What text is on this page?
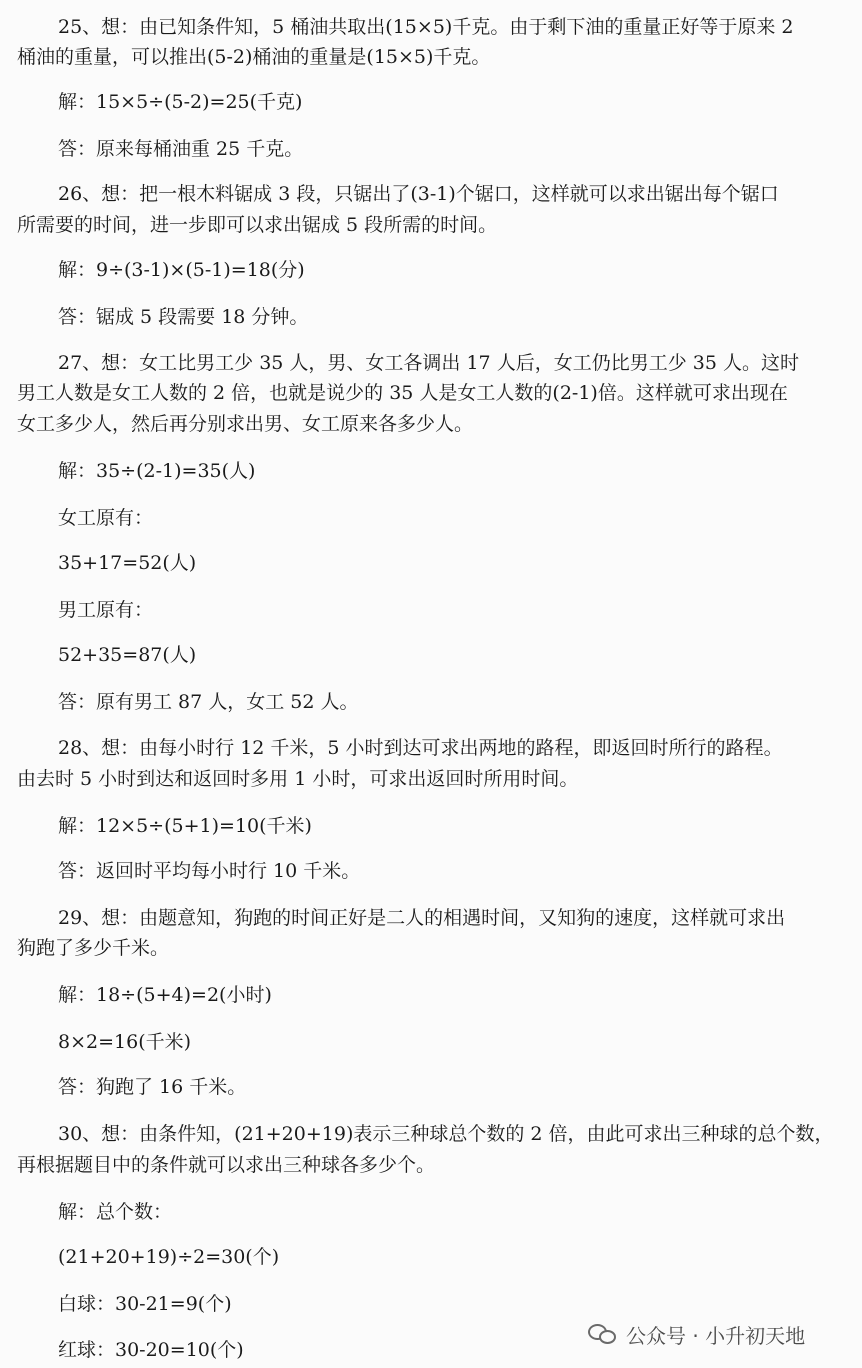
25、想：由已知条件知，5 桶油共取出(15×5)千克。由于剩下油的重量正好等于原来 2
桶油的重量，可以推出(5-2)桶油的重量是(15×5)千克。
解：15×5÷(5-2)=25(千克)
答：原来每桶油重 25 千克。
26、想：把一根木料锯成 3 段，只锯出了(3-1)个锯口，这样就可以求出锯出每个锯口
所需要的时间，进一步即可以求出锯成 5 段所需的时间。
解：9÷(3-1)×(5-1)=18(分)
答：锯成 5 段需要 18 分钟。
27、想：女工比男工少 35 人，男、女工各调出 17 人后，女工仍比男工少 35 人。这时
男工人数是女工人数的 2 倍，也就是说少的 35 人是女工人数的(2-1)倍。这样就可求出现在
女工多少人，然后再分别求出男、女工原来各多少人。
解：35÷(2-1)=35(人)
女工原有：
35+17=52(人)
男工原有：
52+35=87(人)
答：原有男工 87 人，女工 52 人。
28、想：由每小时行 12 千米，5 小时到达可求出两地的路程，即返回时所行的路程。
由去时 5 小时到达和返回时多用 1 小时，可求出返回时所用时间。
解：12×5÷(5+1)=10(千米)
答：返回时平均每小时行 10 千米。
29、想：由题意知，狗跑的时间正好是二人的相遇时间，又知狗的速度，这样就可求出
狗跑了多少千米。
解：18÷(5+4)=2(小时)
8×2=16(千米)
答：狗跑了 16 千米。
30、想：由条件知，(21+20+19)表示三种球总个数的 2 倍，由此可求出三种球的总个数，
再根据题目中的条件就可以求出三种球各多少个。
解：总个数：
(21+20+19)÷2=30(个)
白球：30-21=9(个)
红球：30-20=10(个)
公众号 · 小升初天地
